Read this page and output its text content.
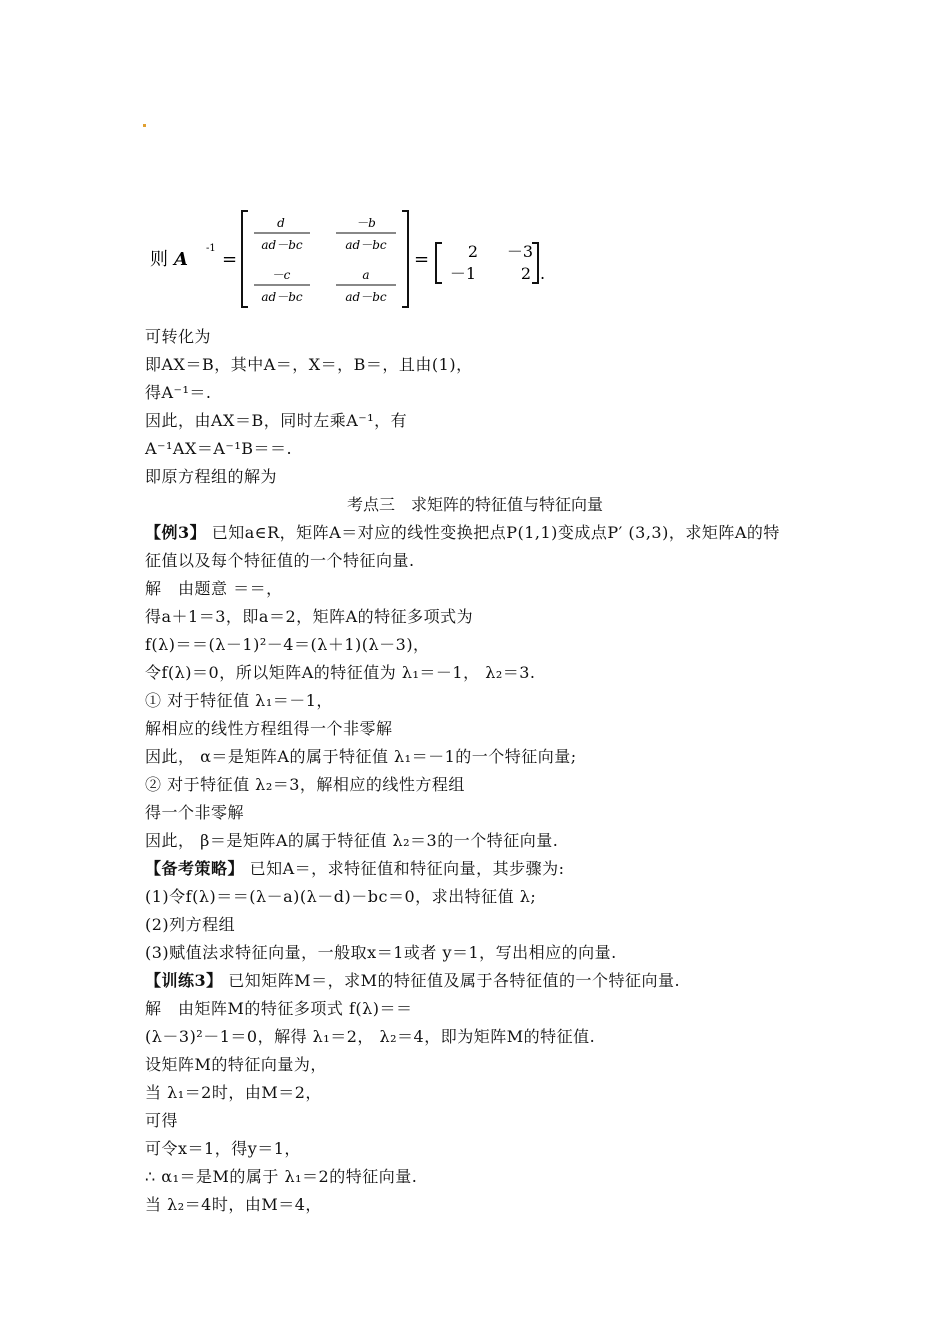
则 A
-1
=
d
ad－bc
－b
ad－bc
－c
ad－bc
a
ad－bc
= 2 －3
－1	2 .
可转化为
即AX＝B，其中A＝，X＝，B＝，且由(1)，
得A⁻¹＝.
因此，由AX＝B，同时左乘A⁻¹，有
A⁻¹AX＝A⁻¹B＝＝.
即原方程组的解为
考点三　求矩阵的特征值与特征向量
【例3】 已知a∈R，矩阵A＝对应的线性变换把点P(1,1)变成点P′ (3,3)，求矩阵A的特
征值以及每个特征值的一个特征向量.
解　由题意 ＝＝，
得a＋1＝3，即a＝2，矩阵A的特征多项式为
f(λ)＝＝(λ－1)²－4＝(λ＋1)(λ－3)，
令f(λ)＝0，所以矩阵A的特征值为 λ₁＝－1， λ₂＝3.
① 对于特征值 λ₁＝－1，
解相应的线性方程组得一个非零解
因此， α＝是矩阵A的属于特征值 λ₁＝－1的一个特征向量;
② 对于特征值 λ₂＝3，解相应的线性方程组
得一个非零解
因此， β＝是矩阵A的属于特征值 λ₂＝3的一个特征向量.
【备考策略】 已知A＝，求特征值和特征向量，其步骤为:
(1)令f(λ)＝＝(λ－a)(λ－d)－bc＝0，求出特征值 λ;
(2)列方程组
(3)赋值法求特征向量，一般取x＝1或者 y＝1，写出相应的向量.
【训练3】 已知矩阵M＝，求M的特征值及属于各特征值的一个特征向量.
解　由矩阵M的特征多项式 f(λ)＝＝
(λ－3)²－1＝0，解得 λ₁＝2， λ₂＝4，即为矩阵M的特征值.
设矩阵M的特征向量为，
当 λ₁＝2时，由M＝2，
可得
可令x＝1，得y＝1，
∴ α₁＝是M的属于 λ₁＝2的特征向量.
当 λ₂＝4时，由M＝4，
